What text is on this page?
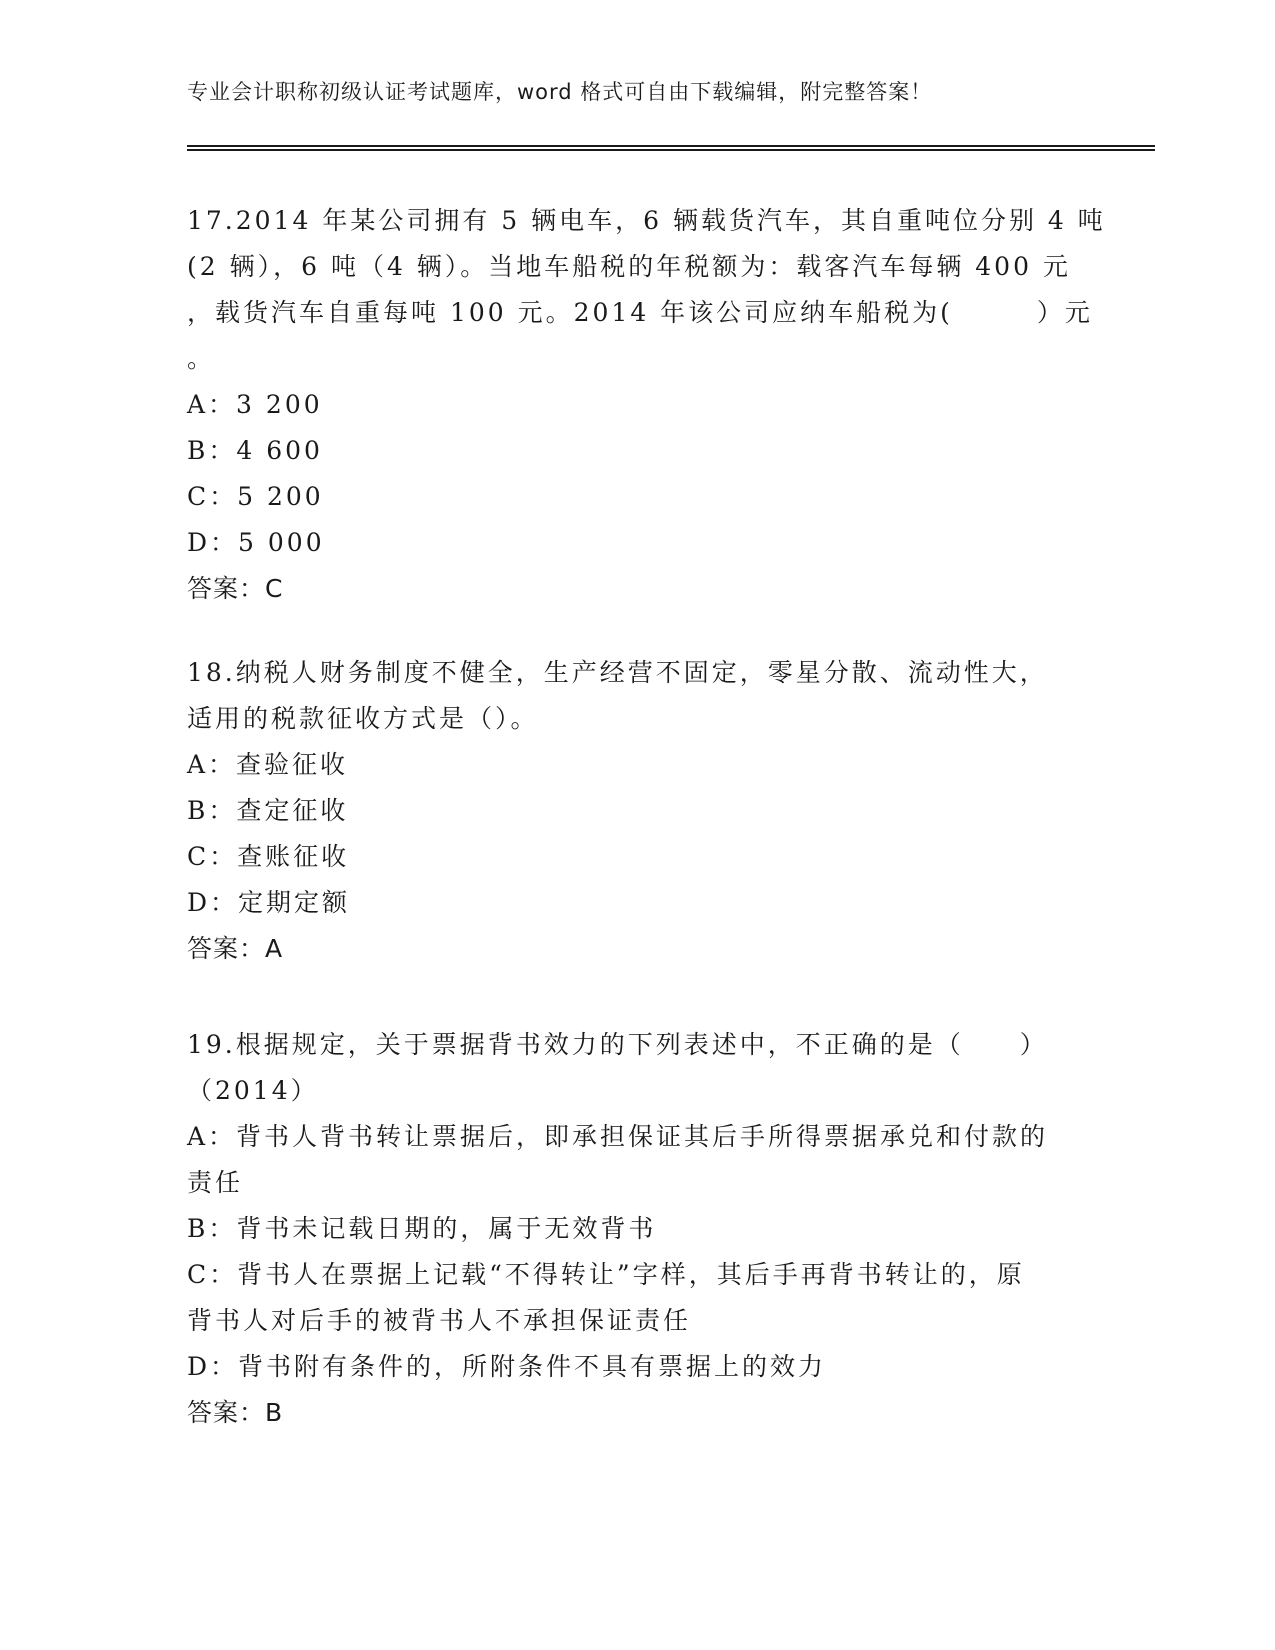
专业会计职称初级认证考试题库，word 格式可自由下载编辑，附完整答案！
17.2014 年某公司拥有 5 辆电车，6 辆载货汽车，其自重吨位分别 4 吨
(2 辆），6 吨（4 辆）。当地车船税的年税额为：载客汽车每辆 400 元
，载货汽车自重每吨 100 元。2014 年该公司应纳车船税为(　　　）元
。
A：3 200
B：4 600
C：5 200
D：5 000
答案：C
18.纳税人财务制度不健全，生产经营不固定，零星分散、流动性大，
适用的税款征收方式是（）。
A：查验征收
B：查定征收
C：查账征收
D：定期定额
答案：A
19.根据规定，关于票据背书效力的下列表述中，不正确的是（　　）
（2014）
A：背书人背书转让票据后，即承担保证其后手所得票据承兑和付款的
责任
B：背书未记载日期的，属于无效背书
C：背书人在票据上记载“不得转让”字样，其后手再背书转让的，原
背书人对后手的被背书人不承担保证责任
D：背书附有条件的，所附条件不具有票据上的效力
答案：B
